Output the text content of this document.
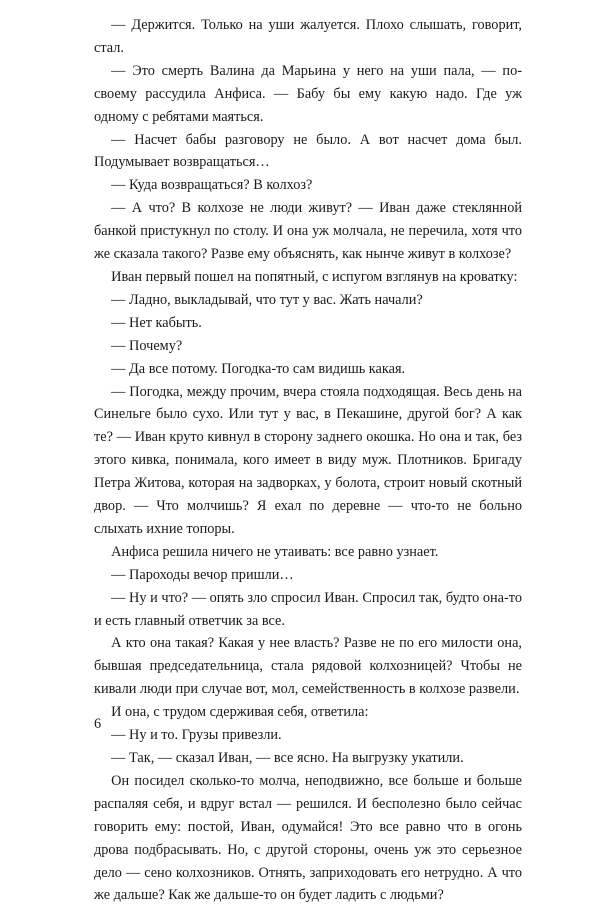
— Держится. Только на уши жалуется. Плохо слышать, говорит, стал.

— Это смерть Валина да Марьина у него на уши пала, — по-своему рассудила Анфиса. — Бабу бы ему какую надо. Где уж одному с ребятами маяться.

— Насчет бабы разговору не было. А вот насчет дома был. Подумывает возвращаться…

— Куда возвращаться? В колхоз?

— А что? В колхозе не люди живут? — Иван даже стеклянной банкой пристукнул по столу. И она уж молчала, не перечила, хотя что же сказала такого? Разве ему объяснять, как нынче живут в колхозе?

Иван первый пошел на попятный, с испугом взглянув на кроватку:

— Ладно, выкладывай, что тут у вас. Жать начали?

— Нет кабыть.

— Почему?

— Да все потому. Погодка-то сам видишь какая.

— Погодка, между прочим, вчера стояла подходящая. Весь день на Синельге было сухо. Или тут у вас, в Пекашине, другой бог? А как те? — Иван круто кивнул в сторону заднего окошка. Но она и так, без этого кивка, понимала, кого имеет в виду муж. Плотников. Бригаду Петра Житова, которая на задворках, у болота, строит новый скотный двор. — Что молчишь? Я ехал по деревне — что-то не больно слыхать ихние топоры.

Анфиса решила ничего не утаивать: все равно узнает.

— Пароходы вечор пришли…

— Ну и что? — опять зло спросил Иван. Спросил так, будто она-то и есть главный ответчик за все.

А кто она такая? Какая у нее власть? Разве не по его милости она, бывшая председательница, стала рядовой колхозницей? Чтобы не кивали люди при случае вот, мол, семейственность в колхозе развели.

И она, с трудом сдерживая себя, ответила:

— Ну и то. Грузы привезли.

— Так, — сказал Иван, — все ясно. На выгрузку укатили.

Он посидел сколько-то молча, неподвижно, все больше и больше распаляя себя, и вдруг встал — решился. И бесполезно было сейчас говорить ему: постой, Иван, одумайся! Это все равно что в огонь дрова подбрасывать. Но, с другой стороны, очень уж это серьезное дело — сено колхозников. Отнять, заприходовать его нетрудно. А что же дальше? Как же дальше-то он будет ладить с людьми?

6
